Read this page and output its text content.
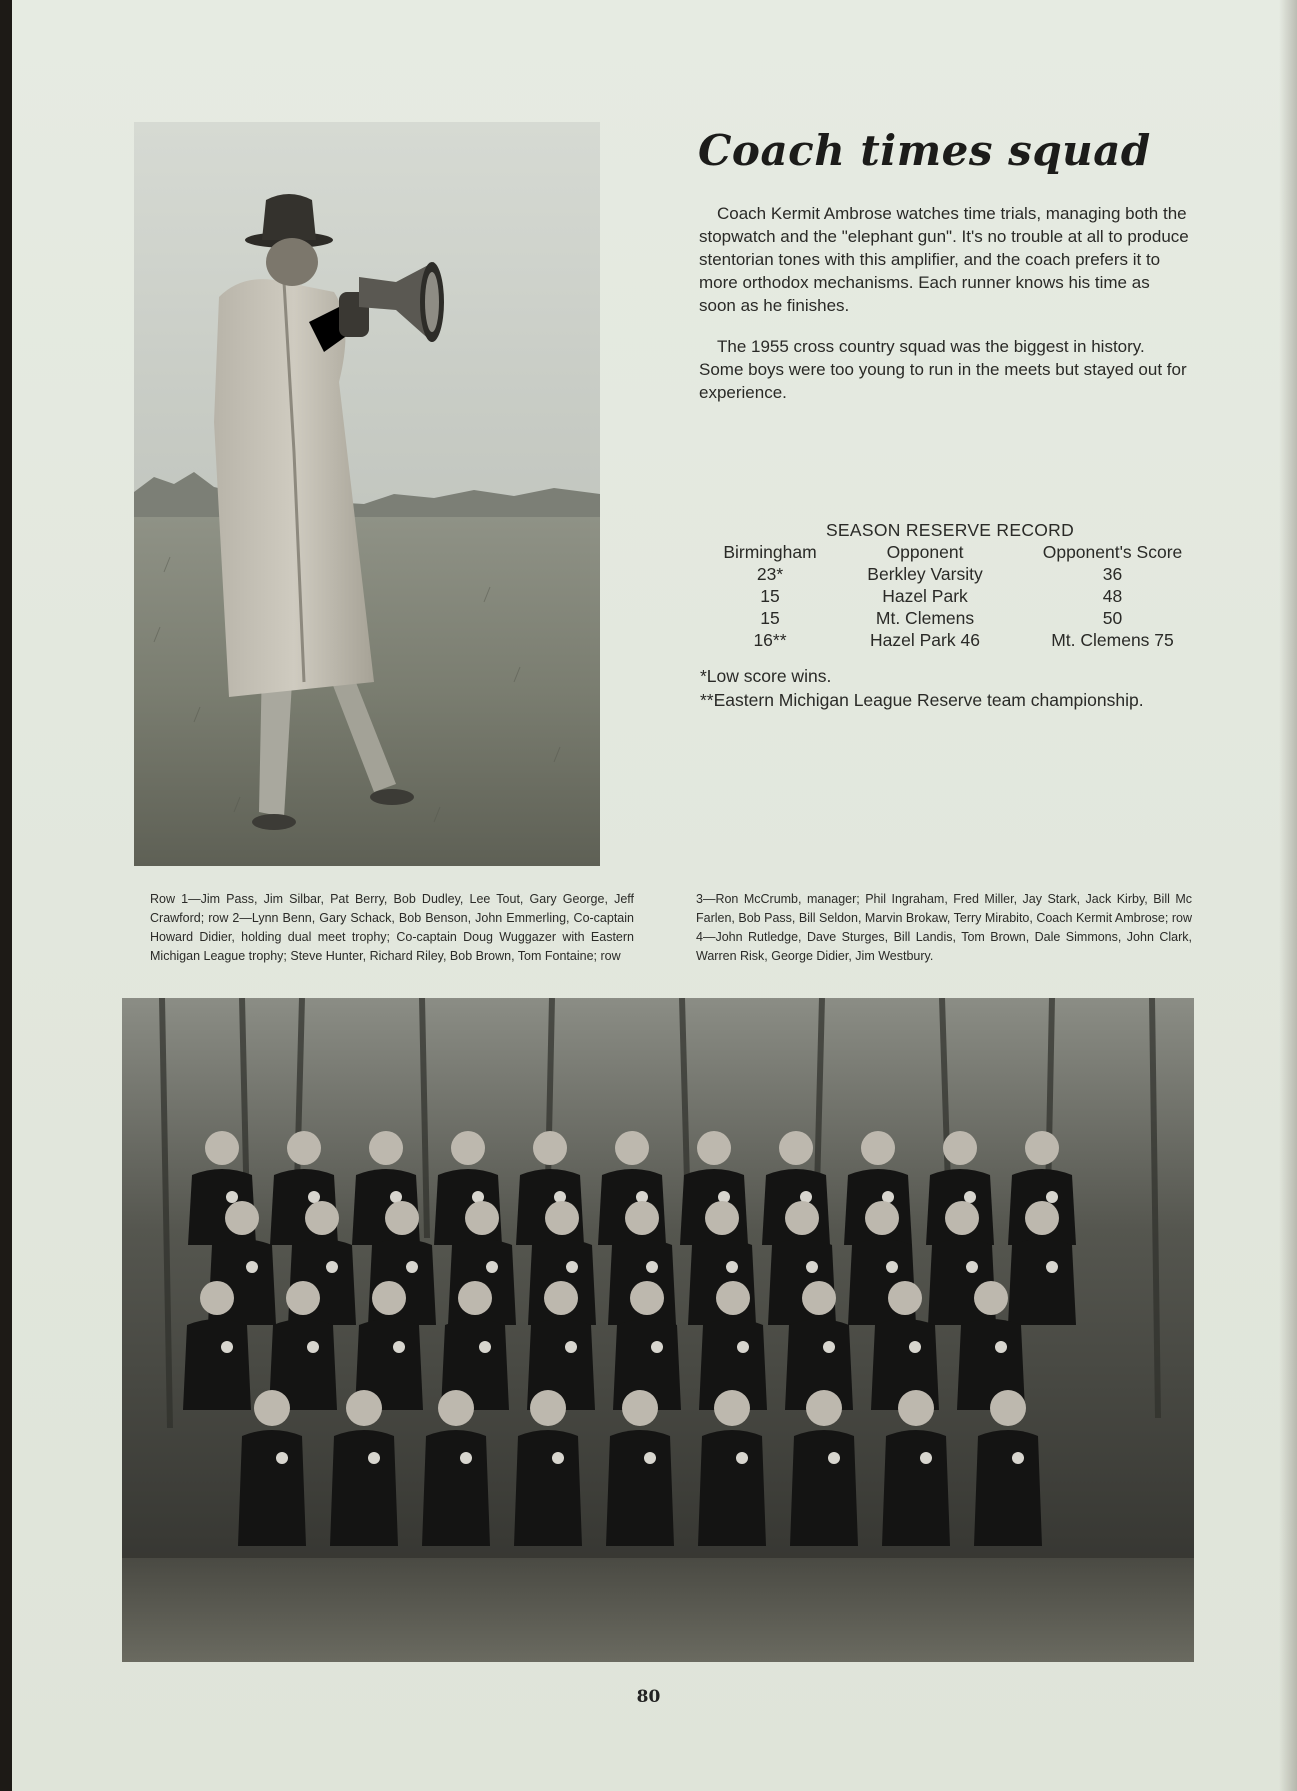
Coach times squad

Coach Kermit Ambrose watches time trials, managing both the stopwatch and the "elephant gun". It's no trouble at all to produce stentorian tones with this amplifier, and the coach prefers it to more orthodox mechanisms. Each runner knows his time as soon as he finishes.

The 1955 cross country squad was the biggest in history. Some boys were too young to run in the meets but stayed out for experience.

SEASON RESERVE RECORD
Birmingham	Opponent	Opponent's Score
23*	Berkley Varsity	36
15	Hazel Park	48
15	Mt. Clemens	50
16**	Hazel Park 46	Mt. Clemens 75
*Low score wins.
**Eastern Michigan League Reserve team championship.

Row 1—Jim Pass, Jim Silbar, Pat Berry, Bob Dudley, Lee Tout, Gary George, Jeff Crawford; row 2—Lynn Benn, Gary Schack, Bob Benson, John Emmerling, Co-captain Howard Didier, holding dual meet trophy; Co-captain Doug Wuggazer with Eastern Michigan League trophy; Steve Hunter, Richard Riley, Bob Brown, Tom Fontaine; row

3—Ron McCrumb, manager; Phil Ingraham, Fred Miller, Jay Stark, Jack Kirby, Bill Mc Farlen, Bob Pass, Bill Seldon, Marvin Brokaw, Terry Mirabito, Coach Kermit Ambrose; row 4—John Rutledge, Dave Sturges, Bill Landis, Tom Brown, Dale Simmons, John Clark, Warren Risk, George Didier, Jim Westbury.

80
